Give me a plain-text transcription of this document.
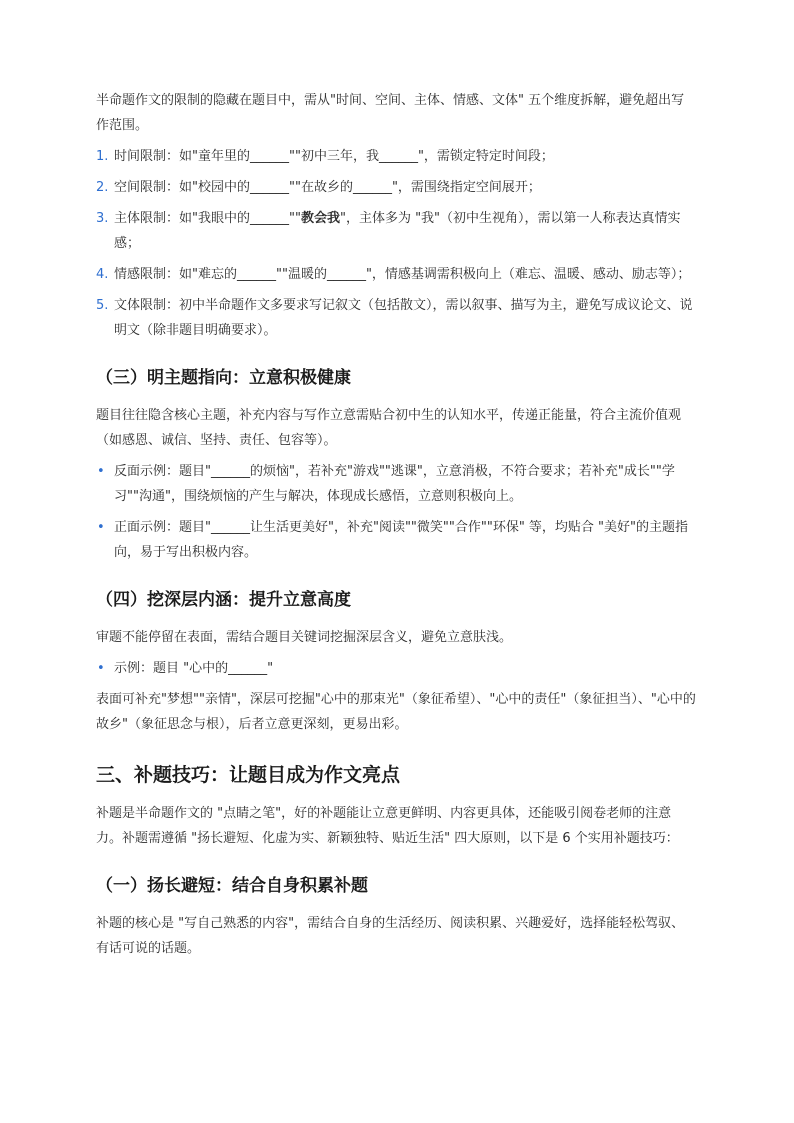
半命题作文的限制的隐藏在题目中，需从"时间、空间、主体、情感、文体" 五个维度拆解，避免超出写作范围。

1. 时间限制：如"童年里的______""初中三年，我______"，需锁定特定时间段；
2. 空间限制：如"校园中的______""在故乡的______"，需围绕指定空间展开；
3. 主体限制：如"我眼中的______""教会我"，主体多为 "我"（初中生视角），需以第一人称表达真情实感；
4. 情感限制：如"难忘的______""温暖的______"，情感基调需积极向上（难忘、温暖、感动、励志等）；
5. 文体限制：初中半命题作文多要求写记叙文（包括散文），需以叙事、描写为主，避免写成议论文、说明文（除非题目明确要求）。
（三）明主题指向：立意积极健康

题目往往隐含核心主题，补充内容与写作立意需贴合初中生的认知水平，传递正能量，符合主流价值观（如感恩、诚信、坚持、责任、包容等）。

• 反面示例：题目"______的烦恼"，若补充"游戏""逃课"，立意消极，不符合要求；若补充"成长""学习""沟通"，围绕烦恼的产生与解决，体现成长感悟，立意则积极向上。
• 正面示例：题目"______让生活更美好"，补充"阅读""微笑""合作""环保" 等，均贴合 "美好"的主题指向，易于写出积极内容。
（四）挖深层内涵：提升立意高度

审题不能停留在表面，需结合题目关键词挖掘深层含义，避免立意肤浅。

• 示例：题目 "心中的______"

表面可补充"梦想""亲情"，深层可挖掘"心中的那束光"（象征希望）、"心中的责任"（象征担当）、"心中的故乡"（象征思念与根），后者立意更深刻，更易出彩。

三、补题技巧：让题目成为作文亮点

补题是半命题作文的 "点睛之笔"，好的补题能让立意更鲜明、内容更具体，还能吸引阅卷老师的注意力。补题需遵循 "扬长避短、化虚为实、新颖独特、贴近生活" 四大原则，以下是 6 个实用补题技巧：

（一）扬长避短：结合自身积累补题

补题的核心是 "写自己熟悉的内容"，需结合自身的生活经历、阅读积累、兴趣爱好，选择能轻松驾驭、有话可说的话题。
